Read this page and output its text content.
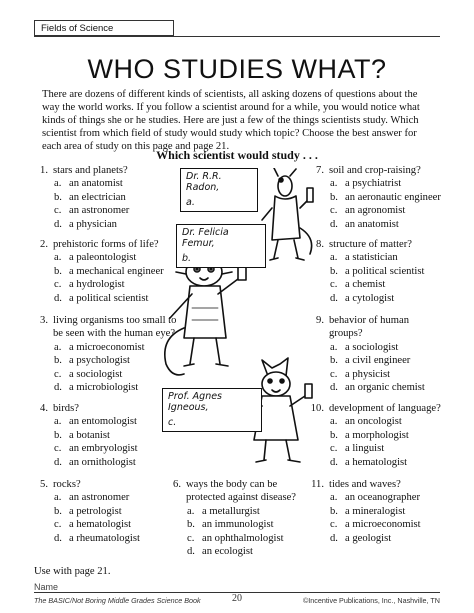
Fields of Science
WHO STUDIES WHAT?
There are dozens of different kinds of scientists, all asking dozens of questions about the way the world works. If you follow a scientist around for a while, you would notice what kinds of things she or he studies. Here are just a few of the things scientists study. Which scientist from which field of study would study which topic? Choose the best answer for each area of study on this page and page 21.
Which scientist would study . . .
1. stars and planets?
a. an anatomist
b. an electrician
c. an astronomer
d. a physician
2. prehistoric forms of life?
a. a paleontologist
b. a mechanical engineer
c. a hydrologist
d. a political scientist
3. living organisms too small to
be seen with the human eye?
a. a microeconomist
b. a psychologist
c. a sociologist
d. a microbiologist
4. birds?
a. an entomologist
b. a botanist
c. an embryologist
d. an ornithologist
5. rocks?
a. an astronomer
b. a petrologist
c. a hematologist
d. a rheumatologist
6. ways the body can be
protected against disease?
a. a metallurgist
b. an immunologist
c. an ophthalmologist
d. an ecologist
7. soil and crop-raising?
a. a psychiatrist
b. an aeronautic engineer
c. an agronomist
d. an anatomist
8. structure of matter?
a. a statistician
b. a political scientist
c. a chemist
d. a cytologist
9. behavior of human
groups?
a. a sociologist
b. a civil engineer
c. a physicist
d. an organic chemist
10. development of language?
a. an oncologist
b. a morphologist
c. a linguist
d. a hematologist
11. tides and waves?
a. an oceanographer
b. a mineralogist
c. a microeconomist
d. a geologist
Dr. R.R. Radon,
a.
Dr. Felicia Femur,
b.
Prof. Agnes Igneous,
c.
Use with page 21.
Name
The BASIC/Not Boring Middle Grades Science Book	20	©Incentive Publications, Inc., Nashville, TN
